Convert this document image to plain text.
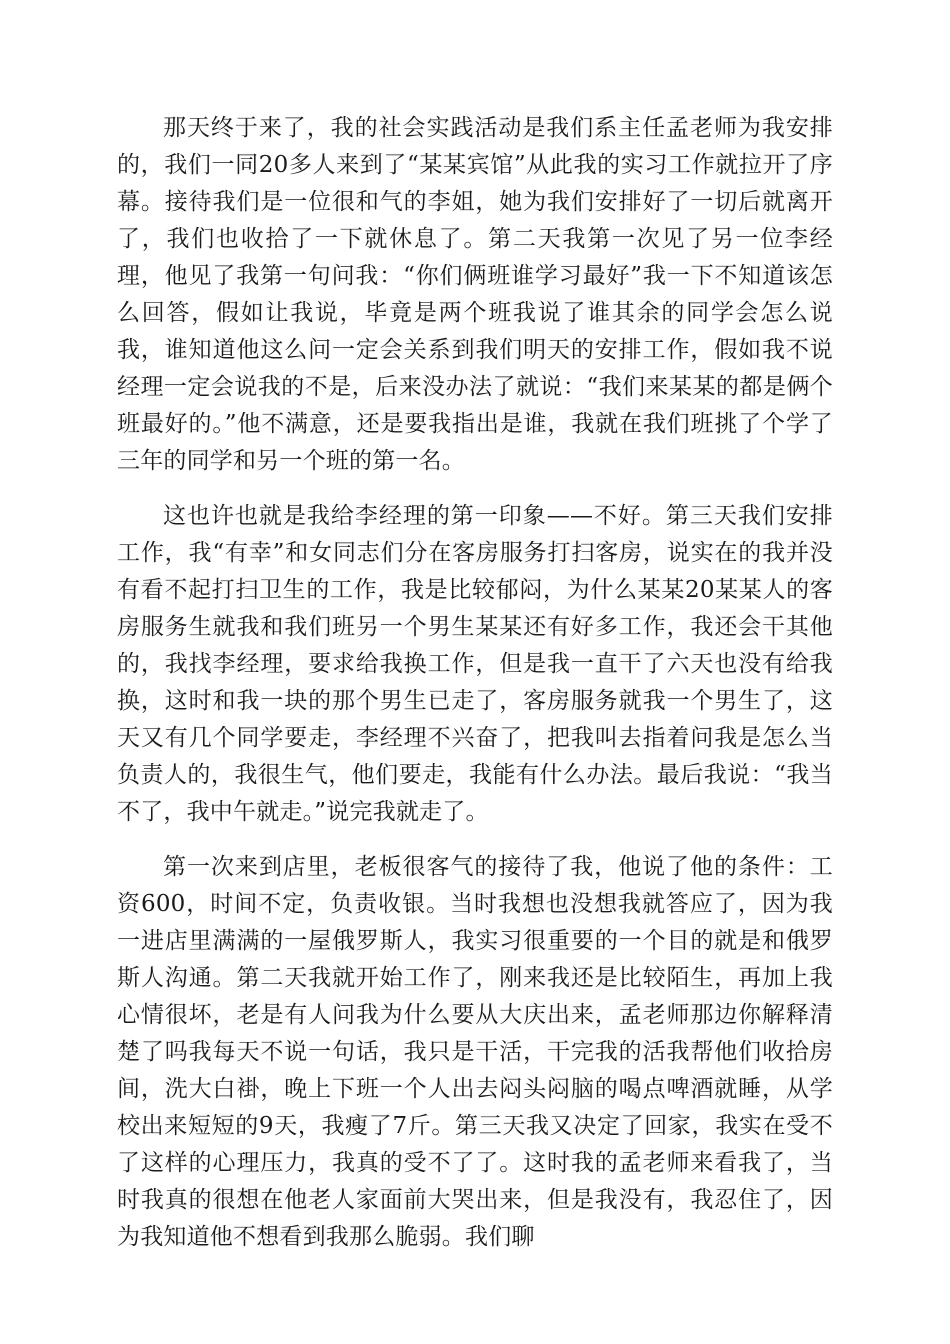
那天终于来了，我的社会实践活动是我们系主任孟老师为我安排的，我们一同20多人来到了“某某宾馆”从此我的实习工作就拉开了序幕。接待我们是一位很和气的李姐，她为我们安排好了一切后就离开了，我们也收拾了一下就休息了。第二天我第一次见了另一位李经理，他见了我第一句问我：“你们俩班谁学习最好”我一下不知道该怎么回答，假如让我说，毕竟是两个班我说了谁其余的同学会怎么说我，谁知道他这么问一定会关系到我们明天的安排工作，假如我不说经理一定会说我的不是，后来没办法了就说：“我们来某某的都是俩个班最好的。”他不满意，还是要我指出是谁，我就在我们班挑了个学了三年的同学和另一个班的第一名。

这也许也就是我给李经理的第一印象——不好。第三天我们安排工作，我“有幸”和女同志们分在客房服务打扫客房，说实在的我并没有看不起打扫卫生的工作，我是比较郁闷，为什么某某20某某人的客房服务生就我和我们班另一个男生某某还有好多工作，我还会干其他的，我找李经理，要求给我换工作，但是我一直干了六天也没有给我换，这时和我一块的那个男生已走了，客房服务就我一个男生了，这天又有几个同学要走，李经理不兴奋了，把我叫去指着问我是怎么当负责人的，我很生气，他们要走，我能有什么办法。最后我说：“我当不了，我中午就走。”说完我就走了。

第一次来到店里，老板很客气的接待了我，他说了他的条件：工资600，时间不定，负责收银。当时我想也没想我就答应了，因为我一进店里满满的一屋俄罗斯人，我实习很重要的一个目的就是和俄罗斯人沟通。第二天我就开始工作了，刚来我还是比较陌生，再加上我心情很坏，老是有人问我为什么要从大庆出来，孟老师那边你解释清楚了吗我每天不说一句话，我只是干活，干完我的活我帮他们收拾房间，洗大白褂，晚上下班一个人出去闷头闷脑的喝点啤酒就睡，从学校出来短短的9天，我瘦了7斤。第三天我又决定了回家，我实在受不了这样的心理压力，我真的受不了了。这时我的孟老师来看我了，当时我真的很想在他老人家面前大哭出来，但是我没有，我忍住了，因为我知道他不想看到我那么脆弱。我们聊
